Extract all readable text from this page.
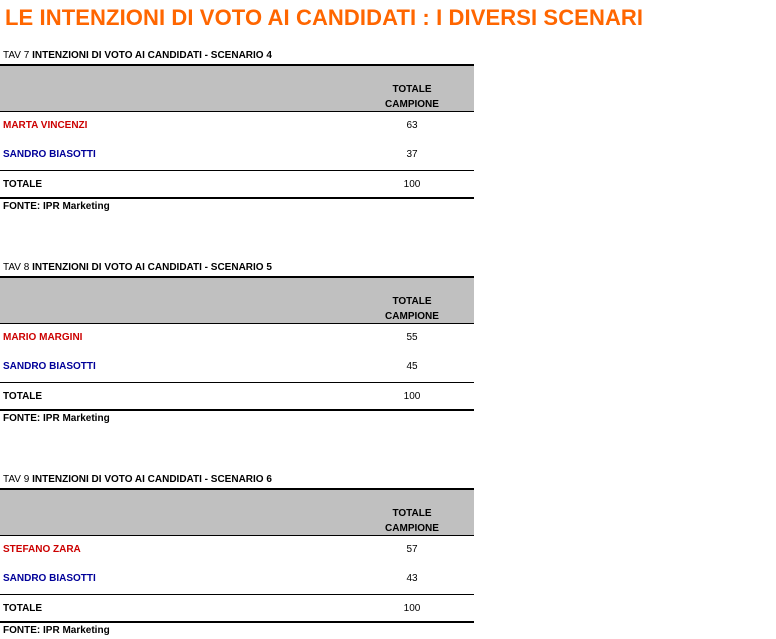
LE INTENZIONI DI VOTO AI CANDIDATI : I DIVERSI SCENARI
TAV 7 INTENZIONI DI VOTO AI CANDIDATI - SCENARIO 4
TOTALE
CAMPIONE
MARTA VINCENZI	63
SANDRO BIASOTTI	37
TOTALE	100
FONTE: IPR Marketing
TAV 8 INTENZIONI DI VOTO AI CANDIDATI - SCENARIO 5
TOTALE
CAMPIONE
MARIO MARGINI	55
SANDRO BIASOTTI	45
TOTALE	100
FONTE: IPR Marketing
TAV 9 INTENZIONI DI VOTO AI CANDIDATI - SCENARIO 6
TOTALE
CAMPIONE
STEFANO ZARA	57
SANDRO BIASOTTI	43
TOTALE	100
FONTE: IPR Marketing
